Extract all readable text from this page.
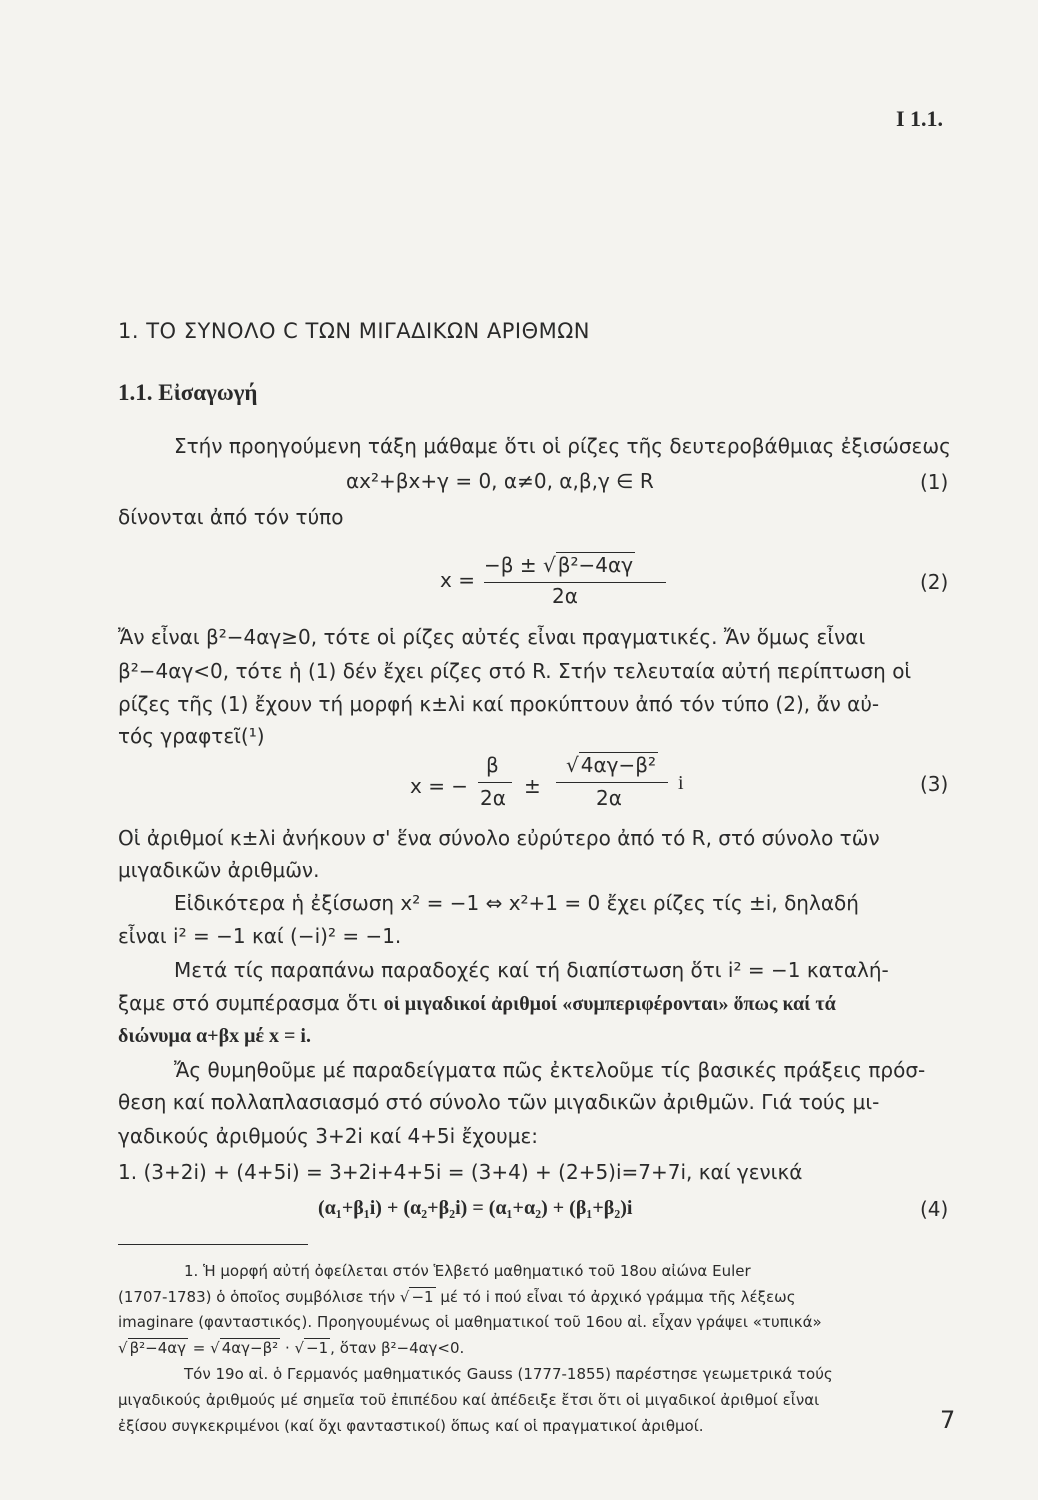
I 1.1.
1. ΤΟ ΣΥΝΟΛΟ C ΤΩΝ ΜΙΓΑΔΙΚΩΝ ΑΡΙΘΜΩΝ
1.1. Εἰσαγωγή
Στήν προηγούμενη τάξη μάθαμε ὅτι οἱ ρίζες τῆς δευτεροβάθμιας ἐξισώσεως
αx²+βx+γ = 0, α≠0, α,β,γ ∈ R	(1)
δίνονται ἀπό τόν τύπο
x =
−β ± √ β²−4αγ
2α
(2)
Ἄν εἶναι β²−4αγ≥0, τότε οἱ ρίζες αὐτές εἶναι πραγματικές. Ἄν ὅμως εἶναι
β²−4αγ<0, τότε ἡ (1) δέν ἔχει ρίζες στό R. Στήν τελευταία αὐτή περίπτωση οἱ
ρίζες τῆς (1) ἔχουν τή μορφή κ±λi καί προκύπτουν ἀπό τόν τύπο (2), ἄν αὐ-
τός γραφτεῖ(¹)
x = −
β
2α ±
√ 4αγ−β²
2α
i	(3)
Οἱ ἀριθμοί κ±λi ἀνήκουν σ' ἕνα σύνολο εὐρύτερο ἀπό τό R, στό σύνολο τῶν
μιγαδικῶν ἀριθμῶν.
Εἰδικότερα ἡ ἐξίσωση x² = −1 ⇔ x²+1 = 0 ἔχει ρίζες τίς ±i, δηλαδή
εἶναι i² = −1 καί (−i)² = −1.
Μετά τίς παραπάνω παραδοχές καί τή διαπίστωση ὅτι i² = −1 καταλή-
ξαμε στό συμπέρασμα ὅτι οἱ μιγαδικοί ἀριθμοί «συμπεριφέρονται» ὅπως καί τά
διώνυμα α+βx μέ x = i.
Ἄς θυμηθοῦμε μέ παραδείγματα πῶς ἐκτελοῦμε τίς βασικές πράξεις πρόσ-
θεση καί πολλαπλασιασμό στό σύνολο τῶν μιγαδικῶν ἀριθμῶν. Γιά τούς μι-
γαδικούς ἀριθμούς 3+2i καί 4+5i ἔχουμε:
1. (3+2i) + (4+5i) = 3+2i+4+5i = (3+4) + (2+5)i=7+7i, καί γενικά
(α₁+β₁i) + (α₂+β₂i) = (α₁+α₂) + (β₁+β₂)i	(4)
1. Ἡ μορφή αὐτή ὀφείλεται στόν Ἑλβετό μαθηματικό τοῦ 18ου αἰώνα Euler
(1707-1783) ὁ ὁποῖος συμβόλισε τήν √ −1 μέ τό i πού εἶναι τό ἀρχικό γράμμα τῆς λέξεως
imaginare (φανταστικός). Προηγουμένως οἱ μαθηματικοί τοῦ 16ου αἰ. εἶχαν γράψει «τυπικά»
√ β²−4αγ = √ 4αγ−β² · √ −1 , ὅταν β²−4αγ<0.
Τόν 19ο αἰ. ὁ Γερμανός μαθηματικός Gauss (1777-1855) παρέστησε γεωμετρικά τούς
μιγαδικούς ἀριθμούς μέ σημεῖα τοῦ ἐπιπέδου καί ἀπέδειξε ἔτσι ὅτι οἱ μιγαδικοί ἀριθμοί εἶναι
ἐξίσου συγκεκριμένοι (καί ὄχι φανταστικοί) ὅπως καί οἱ πραγματικοί ἀριθμοί.	7
